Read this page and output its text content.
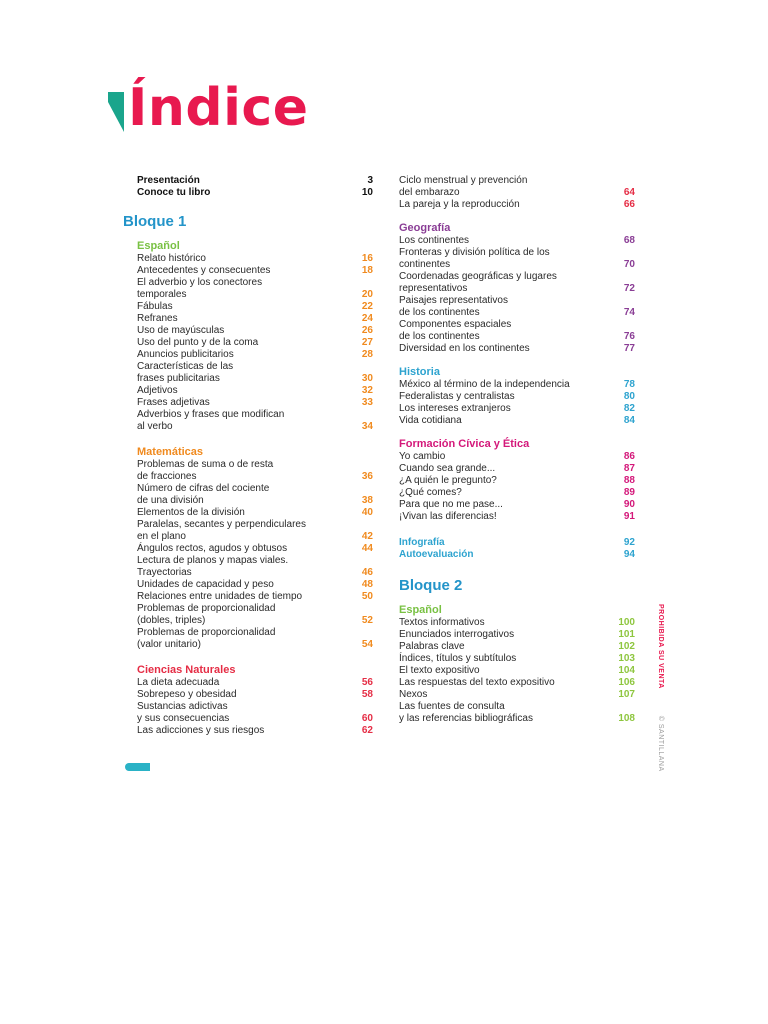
Índice
Presentación	3
Conoce tu libro	10
Bloque 1
Español
Relato histórico	16
Antecedentes y consecuentes	18
El adverbio y los conectores
temporales	20
Fábulas	22
Refranes	24
Uso de mayúsculas	26
Uso del punto y de la coma	27
Anuncios publicitarios	28
Características de las
frases publicitarias	30
Adjetivos	32
Frases adjetivas	33
Adverbios y frases que modifican
al verbo	34
Matemáticas
Problemas de suma o de resta
de fracciones	36
Número de cifras del cociente
de una división	38
Elementos de la división	40
Paralelas, secantes y perpendiculares
en el plano	42
Ángulos rectos, agudos y obtusos	44
Lectura de planos y mapas viales.
Trayectorias	46
Unidades de capacidad y peso	48
Relaciones entre unidades de tiempo	50
Problemas de proporcionalidad
(dobles, triples)	52
Problemas de proporcionalidad
(valor unitario)	54
Ciencias Naturales
La dieta adecuada	56
Sobrepeso y obesidad	58
Sustancias adictivas
y sus consecuencias	60
Las adicciones y sus riesgos	62
Ciclo menstrual y prevención
del embarazo	64
La pareja y la reproducción	66
Geografía
Los continentes	68
Fronteras y división política de los
continentes	70
Coordenadas geográficas y lugares
representativos	72
Paisajes representativos
de los continentes	74
Componentes espaciales
de los continentes	76
Diversidad en los continentes	77
Historia
México al término de la independencia	78
Federalistas y centralistas	80
Los intereses extranjeros	82
Vida cotidiana	84
Formación Cívica y Ética
Yo cambio	86
Cuando sea grande...	87
¿A quién le pregunto?	88
¿Qué comes?	89
Para que no me pase...	90
¡Vivan las diferencias!	91
Infografía	92
Autoevaluación	94
Bloque 2
Español
Textos informativos	100
Enunciados interrogativos	101
Palabras clave	102
Índices, títulos y subtítulos	103
El texto expositivo	104
Las respuestas del texto expositivo	106
Nexos	107
Las fuentes de consulta
y las referencias bibliográficas	108
PROHIBIDA SU VENTA           © SANTILLANA
